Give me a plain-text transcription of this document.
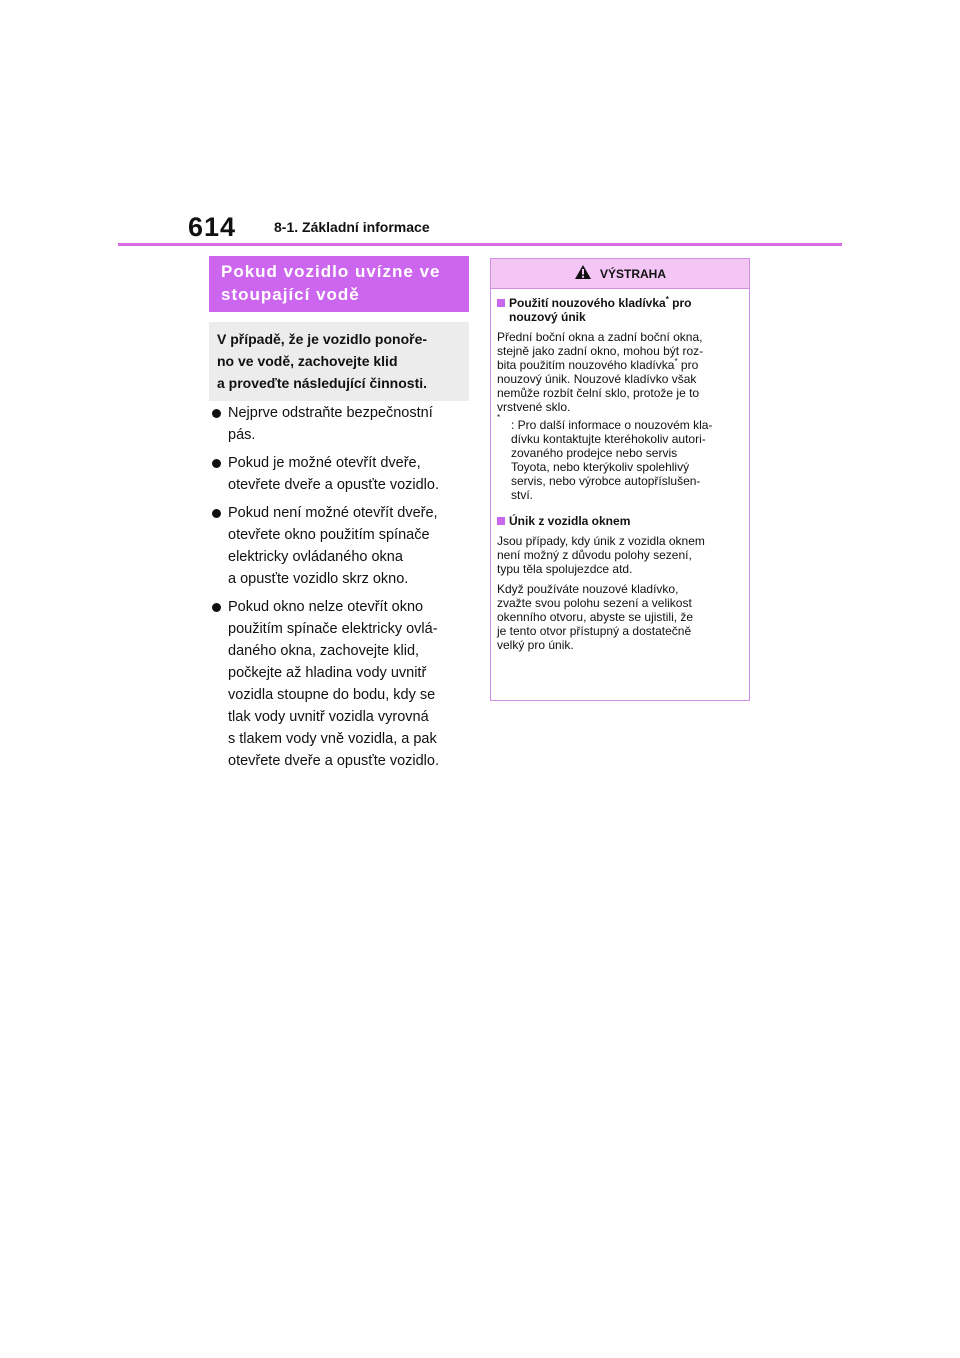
614	8-1. Základní informace
Pokud vozidlo uvízne ve
stoupající vodě
V případě, že je vozidlo ponoře-
no ve vodě, zachovejte klid
a proveďte následující činnosti.
Nejprve odstraňte bezpečnostní
pás.
Pokud je možné otevřít dveře,
otevřete dveře a opusťte vozidlo.
Pokud není možné otevřít dveře,
otevřete okno použitím spínače
elektricky ovládaného okna
a opusťte vozidlo skrz okno.
Pokud okno nelze otevřít okno
použitím spínače elektricky ovlá-
daného okna, zachovejte klid,
počkejte až hladina vody uvnitř
vozidla stoupne do bodu, kdy se
tlak vody uvnitř vozidla vyrovná
s tlakem vody vně vozidla, a pak
otevřete dveře a opusťte vozidlo.
VÝSTRAHA
Použití nouzového kladívka* pro
nouzový únik
Přední boční okna a zadní boční okna,
stejně jako zadní okno, mohou být roz-
bita použitím nouzového kladívka* pro
nouzový únik. Nouzové kladívko však
nemůže rozbít čelní sklo, protože je to
vrstvené sklo.
*
: Pro další informace o nouzovém kla-
dívku kontaktujte kteréhokoliv autori-
zovaného prodejce nebo servis
Toyota, nebo kterýkoliv spolehlivý
servis, nebo výrobce autopříslušen-
ství.
Únik z vozidla oknem
Jsou případy, kdy únik z vozidla oknem
není možný z důvodu polohy sezení,
typu těla spolujezdce atd.
Když používáte nouzové kladívko,
zvažte svou polohu sezení a velikost
okenního otvoru, abyste se ujistili, že
je tento otvor přístupný a dostatečně
velký pro únik.
